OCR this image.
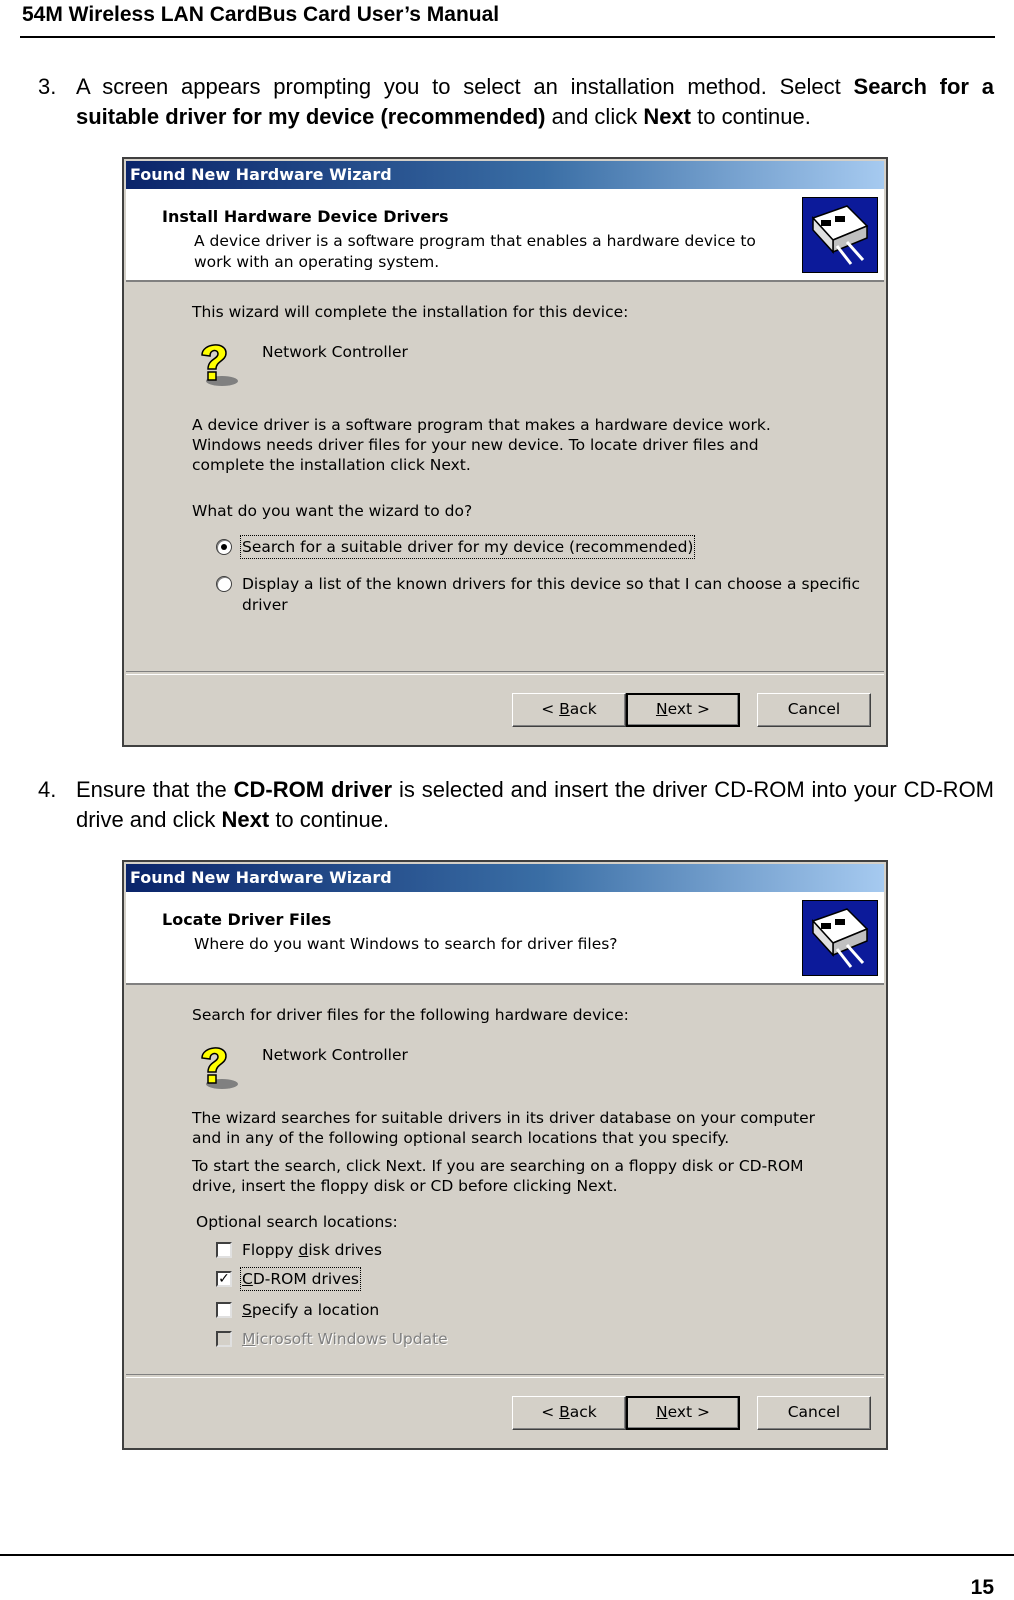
54M Wireless LAN CardBus Card User’s Manual
3. A screen appears prompting you to select an installation method. Select Search for a suitable driver for my device (recommended) and click Next to continue.
Found New Hardware Wizard
Install Hardware Device Drivers
A device driver is a software program that enables a hardware device to work with an operating system.
This wizard will complete the installation for this device:
Network Controller
A device driver is a software program that makes a hardware device work. Windows needs driver files for your new device. To locate driver files and complete the installation click Next.
What do you want the wizard to do?
Search for a suitable driver for my device (recommended)
Display a list of the known drivers for this device so that I can choose a specific
driver
< Back	Next >	Cancel
4. Ensure that the CD-ROM driver is selected and insert the driver CD-ROM into your CD-ROM drive and click Next to continue.
Found New Hardware Wizard
Locate Driver Files
Where do you want Windows to search for driver files?
Search for driver files for the following hardware device:
Network Controller
The wizard searches for suitable drivers in its driver database on your computer and in any of the following optional search locations that you specify.
To start the search, click Next. If you are searching on a floppy disk or CD-ROM drive, insert the floppy disk or CD before clicking Next.
Optional search locations:
Floppy disk drives
✓ CD-ROM drives
Specify a location
Microsoft Windows Update
< Back	Next >	Cancel
15
